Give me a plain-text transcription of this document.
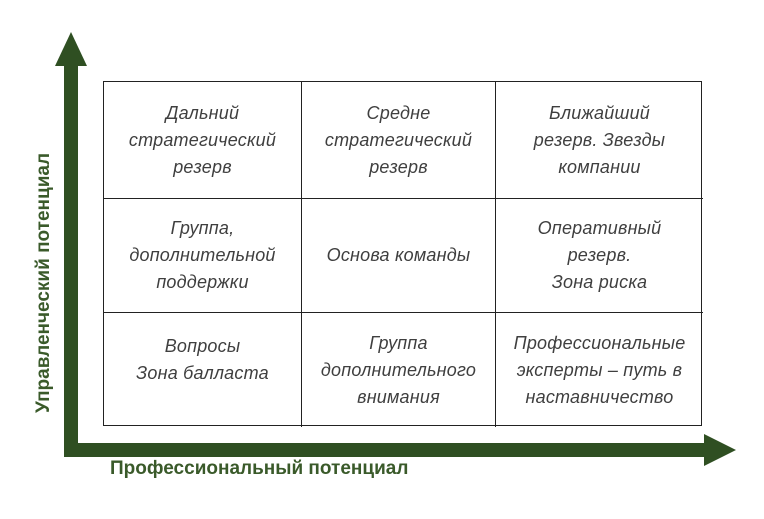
Дальний
стратегический
резерв
Средне
стратегический
резерв
Ближайший
резерв. Звезды
компании
Группа,
дополнительной
поддержки
Основа команды
Оперативный
резерв.
Зона риска
Вопросы
Зона балласта
Группа
дополнительного
внимания
Профессиональные
эксперты – путь в
наставничество
Профессиональный потенциал
Управленческий потенциал
